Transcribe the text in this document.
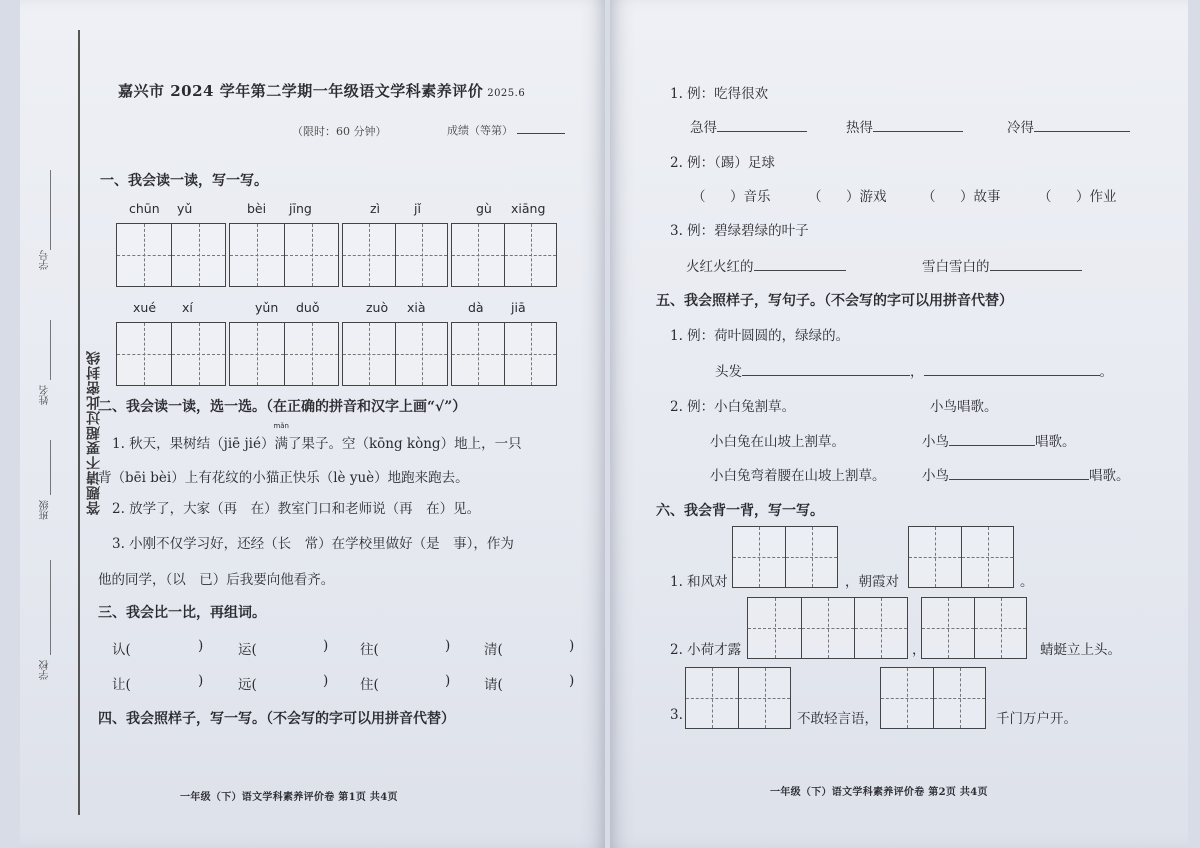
学号
姓名
班级
学校
答题请不要超过此密封线
嘉兴市 2024 学年第二学期一年级语文学科素养评价 2025.6
（限时：60 分钟）	成绩（等第）
一、我会读一读，写一写。
chūn yǔ	bèi jīng	zì	jǐ	gù xiāng
xué xí	yǔn duǒ	zuò xià	dà jiā
二、我会读一读，选一选。（在正确的拼音和汉字上画“√”）
1. 秋天，果树结（jiē jié）
mǎn
满了果子。空（kōng kòng）地上，一只
背（bēi bèi）上有花纹的小猫正快乐（lè yuè）地跑来跑去。
2. 放学了，大家（再　在）教室门口和老师说（再　在）见。
3. 小刚不仅学习好，还经（长　常）在学校里做好（是　事），作为
他的同学，（以　已）后我要向他看齐。
三、我会比一比，再组词。
认(	)	运(	) 往(	) 清(	)
让(	)	远(	) 住(	) 请(	)
四、我会照样子，写一写。（不会写的字可以用拼音代替）
一年级（下）语文学科素养评价卷 第1页 共4页
1. 例：吃得很欢
急得	热得	冷得
2. 例：（踢）足球
（ ）音乐	（ ）游戏	（ ）故事	（ ）作业
3. 例：碧绿碧绿的叶子
火红火红的	雪白雪白的
五、我会照样子，写句子。（不会写的字可以用拼音代替）
1. 例：荷叶圆圆的，绿绿的。
头发	，	。
2. 例：小白兔割草。	小鸟唱歌。
小白兔在山坡上割草。	小鸟	唱歌。
小白兔弯着腰在山坡上割草。	小鸟	唱歌。
六、我会背一背，写一写。
1. 和风对	，朝霞对	。
2. 小荷才露	，	蜻蜓立上头。
3.	不敢轻言语，	千门万户开。
一年级（下）语文学科素养评价卷 第2页 共4页
